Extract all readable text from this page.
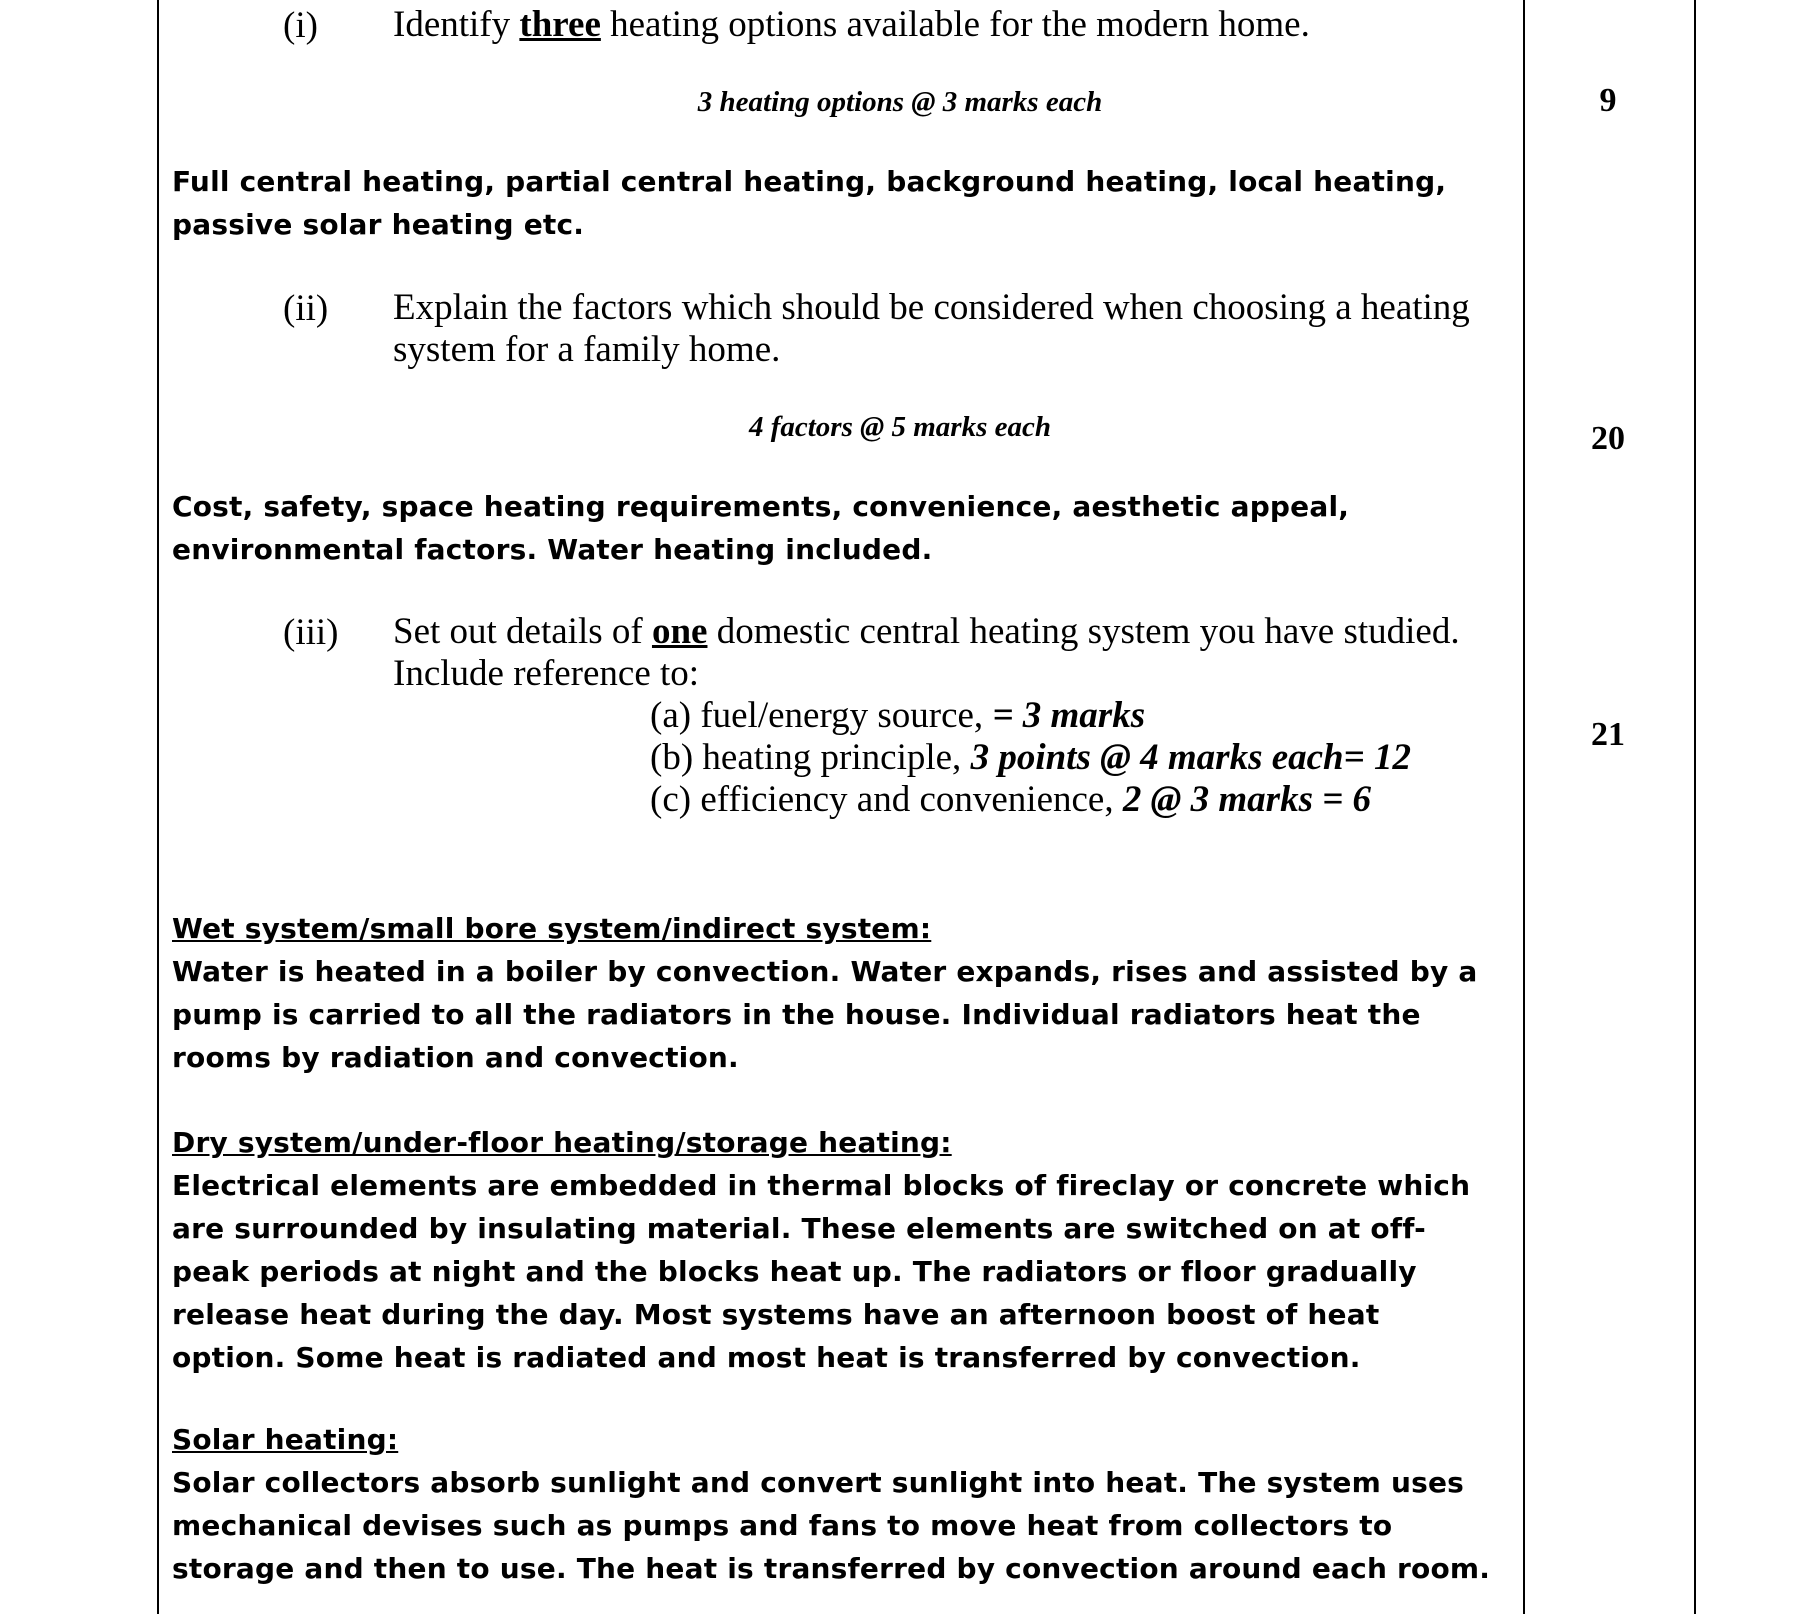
(i) Identify three heating options available for the modern home.
3 heating options @ 3 marks each	9
Full central heating, partial central heating, background heating, local heating, passive solar heating etc.
(ii) Explain the factors which should be considered when choosing a heating system for a family home.
4 factors @ 5 marks each	20
Cost, safety, space heating requirements, convenience, aesthetic appeal, environmental factors. Water heating included.
(iii) Set out details of one domestic central heating system you have studied.
Include reference to:
(a) fuel/energy source, = 3 marks
(b) heating principle, 3 points @ 4 marks each= 12
(c) efficiency and convenience, 2 @ 3 marks = 6
21
Wet system/small bore system/indirect system:
Water is heated in a boiler by convection. Water expands, rises and assisted by a pump is carried to all the radiators in the house. Individual radiators heat the rooms by radiation and convection.
Dry system/under-floor heating/storage heating:
Electrical elements are embedded in thermal blocks of fireclay or concrete which are surrounded by insulating material. These elements are switched on at off-peak periods at night and the blocks heat up. The radiators or floor gradually release heat during the day. Most systems have an afternoon boost of heat option. Some heat is radiated and most heat is transferred by convection.
Solar heating:
Solar collectors absorb sunlight and convert sunlight into heat. The system uses mechanical devises such as pumps and fans to move heat from collectors to storage and then to use. The heat is transferred by convection around each room.
